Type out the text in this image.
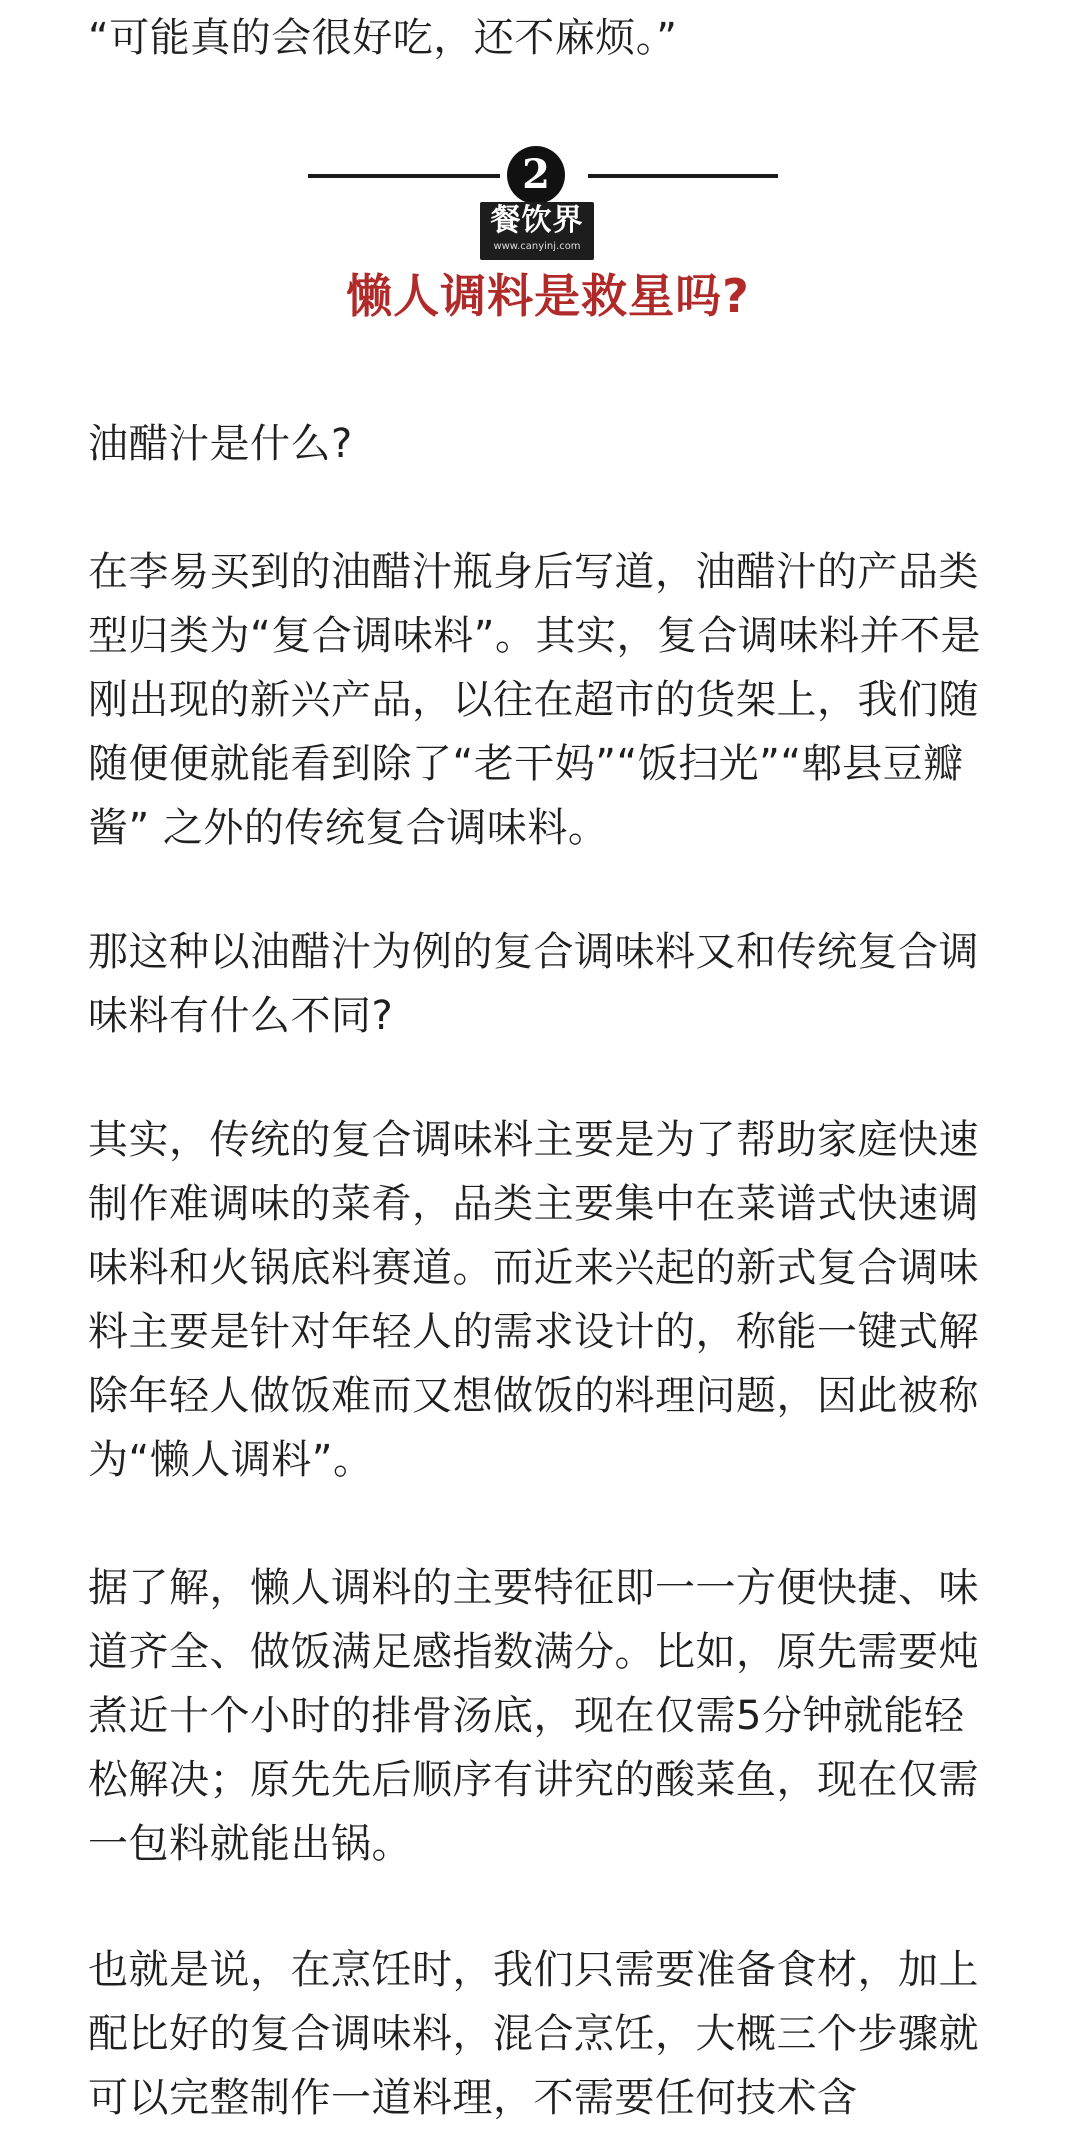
“可能真的会很好吃，还不麻烦。”

2
餐饮界
www.canyinj.com
懒人调料是救星吗?

油醋汁是什么?

在李易买到的油醋汁瓶身后写道，油醋汁的产品类型归类为“复合调味料”。其实，复合调味料并不是刚出现的新兴产品，以往在超市的货架上，我们随随便便就能看到除了“老干妈”“饭扫光”“郫县豆瓣酱” 之外的传统复合调味料。

那这种以油醋汁为例的复合调味料又和传统复合调味料有什么不同?

其实，传统的复合调味料主要是为了帮助家庭快速制作难调味的菜肴，品类主要集中在菜谱式快速调味料和火锅底料赛道。而近来兴起的新式复合调味料主要是针对年轻人的需求设计的，称能一键式解除年轻人做饭难而又想做饭的料理问题，因此被称为“懒人调料”。

据了解，懒人调料的主要特征即一一方便快捷、味道齐全、做饭满足感指数满分。比如，原先需要炖煮近十个小时的排骨汤底，现在仅需5分钟就能轻松解决；原先先后顺序有讲究的酸菜鱼，现在仅需一包料就能出锅。

也就是说，在烹饪时，我们只需要准备食材，加上配比好的复合调味料，混合烹饪，大概三个步骤就可以完整制作一道料理，不需要任何技术含
